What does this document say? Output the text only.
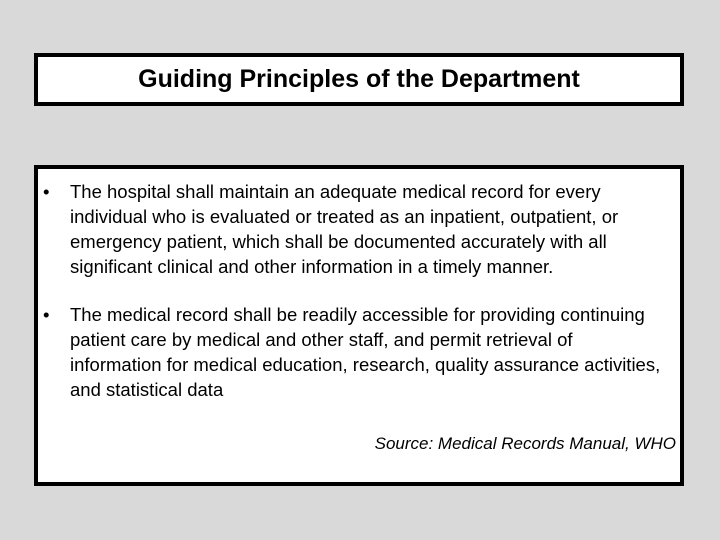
Guiding Principles of the Department
• The hospital shall maintain an adequate medical record for every individual who is evaluated or treated as an inpatient, outpatient, or emergency patient, which shall be documented accurately with all significant clinical and other information in a timely manner.
• The medical record shall be readily accessible for providing continuing patient care by medical and other staff, and permit retrieval of information for medical education, research, quality assurance activities, and statistical data
Source: Medical Records Manual, WHO
